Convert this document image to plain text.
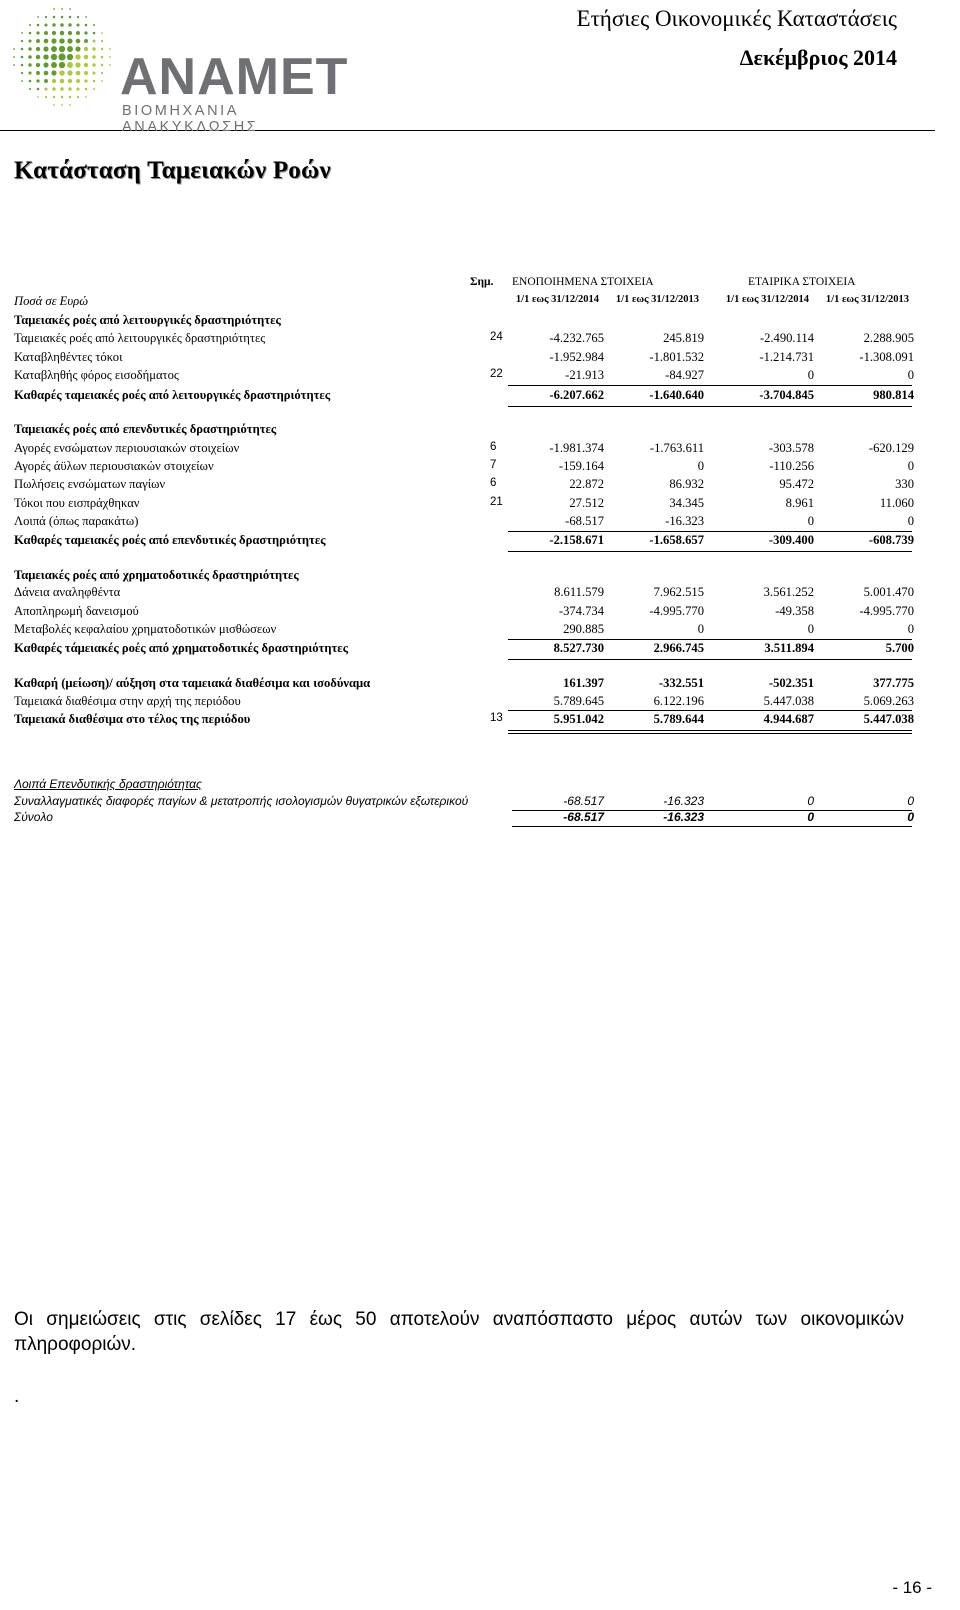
ANAMET
ΒΙΟΜΗΧΑΝΙΑ ΑΝΑΚΥΚΛΩΣΗΣ
Ετήσιες Οικονομικές Καταστάσεις
Δεκέμβριος 2014
Κατάσταση Ταμειακών Ροών
Σημ. ΕΝΟΠΟΙΗΜΕΝΑ ΣΤΟΙΧΕΙΑ	ΕΤΑΙΡΙΚΑ ΣΤΟΙΧΕΙΑ
Ποσά σε Ευρώ	1/1 εως 31/12/2014	1/1 εως 31/12/2013	1/1 εως 31/12/2014	1/1 εως 31/12/2013
Ταμειακές ροές από λειτουργικές δραστηριότητες
Ταμειακές ροές από λειτουργικές δραστηριότητες	24	-4.232.765	245.819	-2.490.114	2.288.905
Καταβληθέντες τόκοι	-1.952.984	-1.801.532	-1.214.731	-1.308.091
Καταβληθής φόρος εισοδήματος	22	-21.913	-84.927	0	0
Καθαρές ταμειακές ροές από λειτουργικές δραστηριότητες	-6.207.662	-1.640.640	-3.704.845	980.814
Ταμειακές ροές από επενδυτικές δραστηριότητες
Αγορές ενσώματων περιουσιακών στοιχείων	6	-1.981.374	-1.763.611	-303.578	-620.129
Αγορές άϋλων περιουσιακών στοιχείων	7	-159.164	0	-110.256	0
Πωλήσεις ενσώματων παγίων	6	22.872	86.932	95.472	330
Τόκοι που εισπράχθηκαν	21	27.512	34.345	8.961	11.060
Λοιπά (όπως παρακάτω)	-68.517	-16.323	0	0
Καθαρές ταμειακές ροές από επενδυτικές δραστηριότητες	-2.158.671	-1.658.657	-309.400	-608.739
Ταμειακές ροές από χρηματοδοτικές δραστηριότητες
Δάνεια αναληφθέντα	8.611.579	7.962.515	3.561.252	5.001.470
Αποπληρωμή δανεισμού	-374.734	-4.995.770	-49.358	-4.995.770
Μεταβολές κεφαλαίου χρηματοδοτικών μισθώσεων	290.885	0	0	0
Καθαρές τάμειακές ροές από χρηματοδοτικές δραστηριότητες	8.527.730	2.966.745	3.511.894	5.700
Καθαρή (μείωση)/ αύξηση στα ταμειακά διαθέσιμα και ισοδύναμα	161.397	-332.551	-502.351	377.775
Ταμειακά διαθέσιμα στην αρχή της περιόδου	5.789.645	6.122.196	5.447.038	5.069.263
Ταμειακά διαθέσιμα στο τέλος της περιόδου	13	5.951.042	5.789.644	4.944.687	5.447.038
Λοιπά Επενδυτικής δραστηριότητας
Συναλλαγματικές διαφορές παγίων & μετατροπής ισολογισμών θυγατρικών εξωτερικού	-68.517	-16.323	0	0
Σύνολο	-68.517	-16.323	0	0
Οι σημειώσεις στις σελίδες 17 έως 50 αποτελούν αναπόσπαστο μέρος αυτών των οικονομικών πληροφοριών.
.
- 16 -
